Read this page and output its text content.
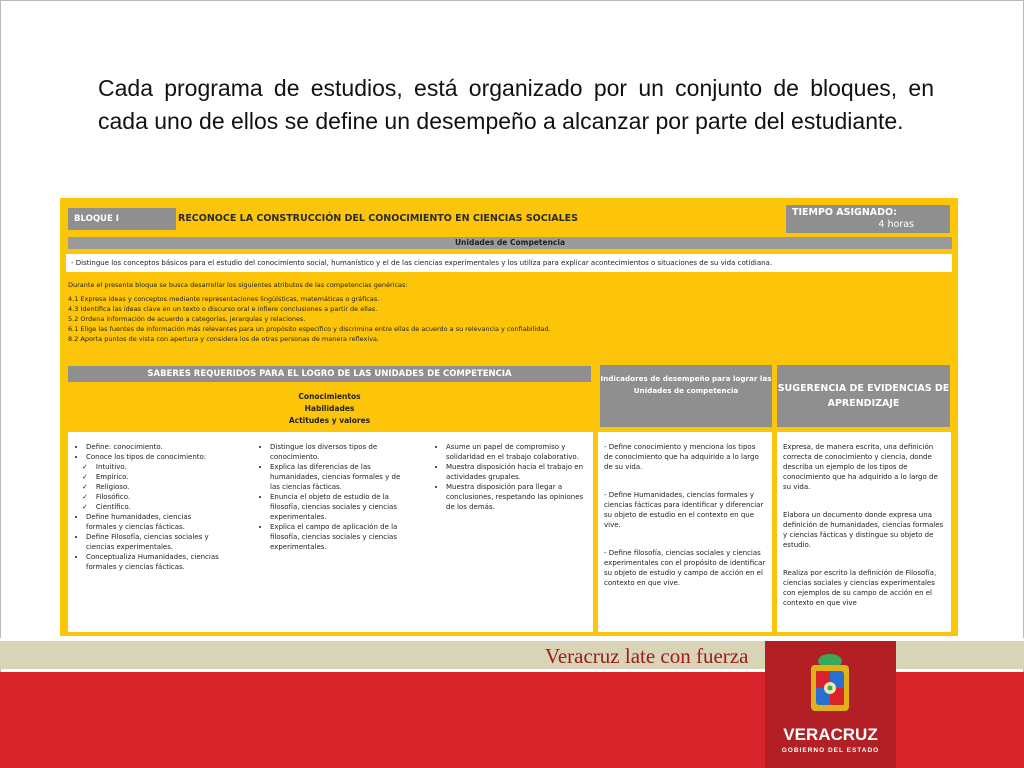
Cada programa de estudios, está organizado por un conjunto de bloques, en cada uno de ellos se define un desempeño a alcanzar por parte del estudiante.

BLOQUE I	RECONOCE LA CONSTRUCCIÓN DEL CONOCIMIENTO EN CIENCIAS SOCIALES
TIEMPO ASIGNADO:
4 horas
Unidades de Competencia
- Distingue los conceptos básicos para el estudio del conocimiento social, humanístico y el de las ciencias experimentales y los utiliza para explicar acontecimientos o situaciones de su vida cotidiana.

Durante el presente bloque se busca desarrollar los siguientes atributos de las competencias genéricas:

4.1 Expresa ideas y conceptos mediante representaciones lingüísticas, matemáticas o gráficas.

4.3 Identifica las ideas clave en un texto o discurso oral e infiere conclusiones a partir de ellas.

5.2 Ordena información de acuerdo a categorías, jerarquías y relaciones.

6.1 Elige las fuentes de información más relevantes para un propósito específico y discrimina entre ellas de acuerdo a su relevancia y confiabilidad.

8.2 Aporta puntos de vista con apertura y considera los de otras personas de manera reflexiva.

SABERES REQUERIDOS PARA EL LOGRO DE LAS UNIDADES DE COMPETENCIA
Conocimientos
Habilidades
Actitudes y valores
Indicadores de desempeño para lograr las Unidades de competencia	SUGERENCIA DE EVIDENCIAS DE APRENDIZAJE
• Define: conocimiento.
• Conoce los tipos de conocimiento:
✓ Intuitivo.
✓ Empírico.
✓ Religioso.
✓ Filosófico.
✓ Científico.
• Define humanidades, ciencias formales y ciencias fácticas.
• Define Filosofía, ciencias sociales y ciencias experimentales.
• Conceptualiza Humanidades, ciencias formales y ciencias fácticas.
• Distingue los diversos tipos de conocimiento.
• Explica las diferencias de las humanidades, ciencias formales y de las ciencias fácticas.
• Enuncia el objeto de estudio de la filosofía, ciencias sociales y ciencias experimentales.
• Explica el campo de aplicación de la filosofía, ciencias sociales y ciencias experimentales.
• Asume un papel de compromiso y solidaridad en el trabajo colaborativo.
• Muestra disposición hacia el trabajo en actividades grupales.
• Muestra disposición para llegar a conclusiones, respetando las opiniones de los demás.

- Define conocimiento y menciona los tipos de conocimiento que ha adquirido a lo largo de su vida.

- Define Humanidades, ciencias formales y ciencias fácticas para identificar y diferenciar su objeto de estudio en el contexto en que vive.

- Define filosofía, ciencias sociales y ciencias experimentales con el propósito de identificar su objeto de estudio y campo de acción en el contexto en que vive.

Expresa, de manera escrita, una definición correcta de conocimiento y ciencia, donde describa un ejemplo de los tipos de conocimiento que ha adquirido a lo largo de su vida.

Elabora un documento donde expresa una definición de humanidades, ciencias formales y ciencias fácticas y distingue su objeto de estudio.

Realiza por escrito la definición de Filosofía, ciencias sociales y ciencias experimentales con ejemplos de su campo de acción en el contexto en que vive

Veracruz late con fuerza
VERACRUZ
GOBIERNO DEL ESTADO
